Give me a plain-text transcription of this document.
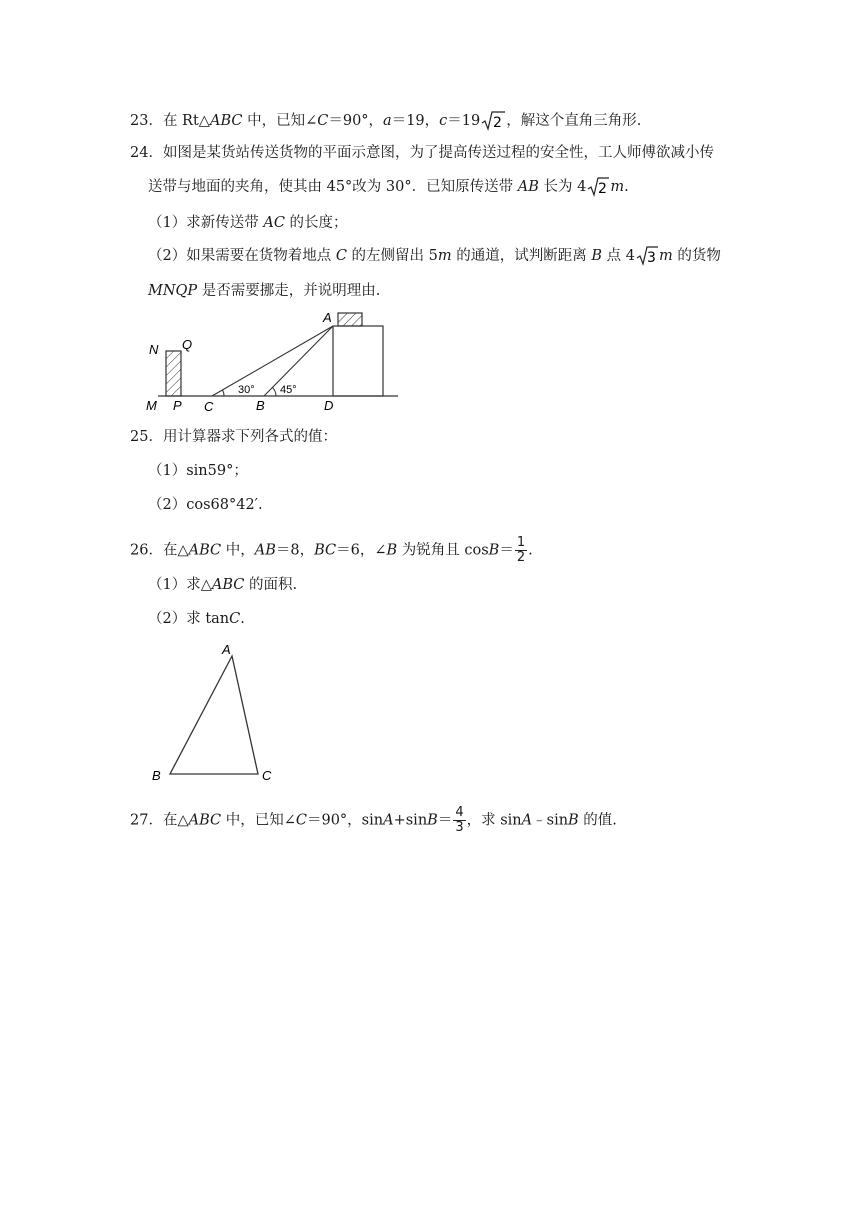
23．在 Rt△ABC 中，已知∠C＝90°，a＝19，c＝19 2 ，解这个直角三角形.
24．如图是某货站传送货物的平面示意图，为了提高传送过程的安全性，工人师傅欲减小传
送带与地面的夹角，使其由 45°改为 30°．已知原传送带 AB 长为 4 2 m.
（1）求新传送带 AC 的长度；
（2）如果需要在货物着地点 C 的左侧留出 5m 的通道，试判断距离 B 点 4 3 m 的货物
MNQP 是否需要挪走，并说明理由.
A
N Q
M P C	B	D
30° 45°
25．用计算器求下列各式的值：
（1）sin59°；
（2）cos68°42′.
26．在△ABC 中，AB＝8，BC＝6，∠B 为锐角且 $\cos B= \frac{1}{2}$ .
（1）求△ABC 的面积.
（2）求 tanC.
A
B	C
27．在△ABC 中，已知∠C＝90°，$\sin A+\sin B= \frac{4}{3}$ ，求 sinA﹣sinB 的值.
